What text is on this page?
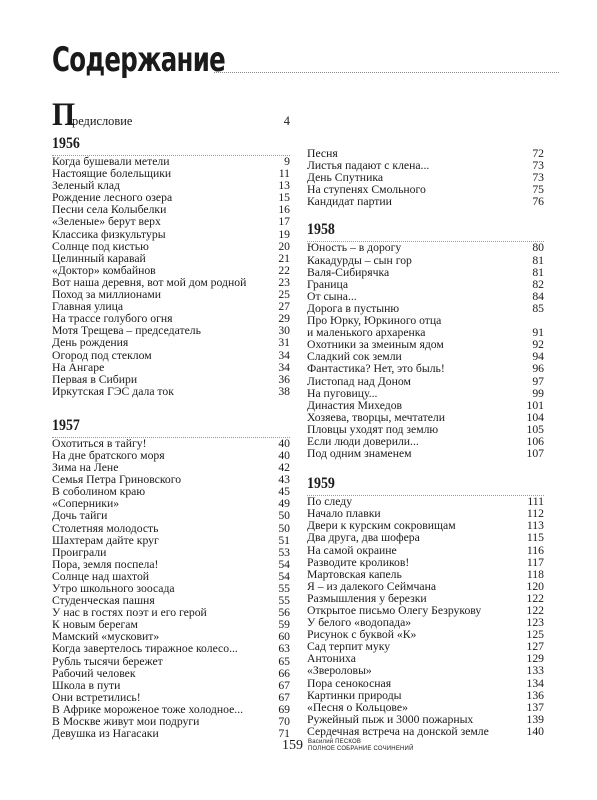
Содержание
П
редисловие	4
1956
Когда бушевали метели	9
Настоящие болельщики	11
Зеленый клад	13
Рождение лесного озера	15
Песни села Колыбелки	16
«Зеленые» берут верх	17
Классика физкультуры	19
Солнце под кистью	20
Целинный каравай	21
«Доктор» комбайнов	22
Вот наша деревня, вот мой дом родной	23
Поход за миллионами	25
Главная улица	27
На трассе голубого огня	29
Мотя Трещева – председатель	30
День рождения	31
Огород под стеклом	34
На Ангаре	34
Первая в Сибири	36
Иркутская ГЭС дала ток	38
1957
Охотиться в тайгу!	40
На дне братского моря	40
Зима на Лене	42
Семья Петра Гриновского	43
В соболином краю	45
«Соперники»	49
Дочь тайги	50
Столетняя молодость	50
Шахтерам дайте круг	51
Проиграли	53
Пора, земля поспела!	54
Солнце над шахтой	54
Утро школьного зоосада	55
Студенческая пашня	55
У нас в гостях поэт и его герой	56
К новым берегам	59
Мамский «мусковит»	60
Когда завертелось тиражное колесо...	63
Рубль тысячи бережет	65
Рабочий человек	66
Школа в пути	67
Они встретились!	67
В Африке мороженое тоже холодное...	69
В Москве живут мои подруги	70
Девушка из Нагасаки	71
Песня	72
Листья падают с клена...	73
День Спутника	73
На ступенях Смольного	75
Кандидат партии	76
1958
Юность – в дорогу	80
Какадурды – сын гор	81
Валя-Сибирячка	81
Граница	82
От сына...	84
Дорога в пустыню	85
Про Юрку, Юркиного отца
и маленького архаренка	91
Охотники за змеиным ядом	92
Сладкий сок земли	94
Фантастика? Нет, это быль!	96
Листопад над Доном	97
На пуговицу...	99
Династия Михедов	101
Хозяева, творцы, мечтатели	104
Пловцы уходят под землю	105
Если люди доверили...	106
Под одним знаменем	107
1959
По следу	111
Начало плавки	112
Двери к курским сокровищам	113
Два друга, два шофера	115
На самой окраине	116
Разводите кроликов!	117
Мартовская капель	118
Я – из далекого Сеймчана	120
Размышления у березки	122
Открытое письмо Олегу Безрукову	122
У белого «водопада»	123
Рисунок с буквой «К»	125
Сад терпит муку	127
Антониха	129
«Звероловы»	133
Пора сенокосная	134
Картинки природы	136
«Песня о Кольцове»	137
Ружейный пыж и 3000 пожарных	139
Сердечная встреча на донской земле	140
159 Василий ПЕСКОВ
ПОЛНОЕ СОБРАНИЕ СОЧИНЕНИЙ
